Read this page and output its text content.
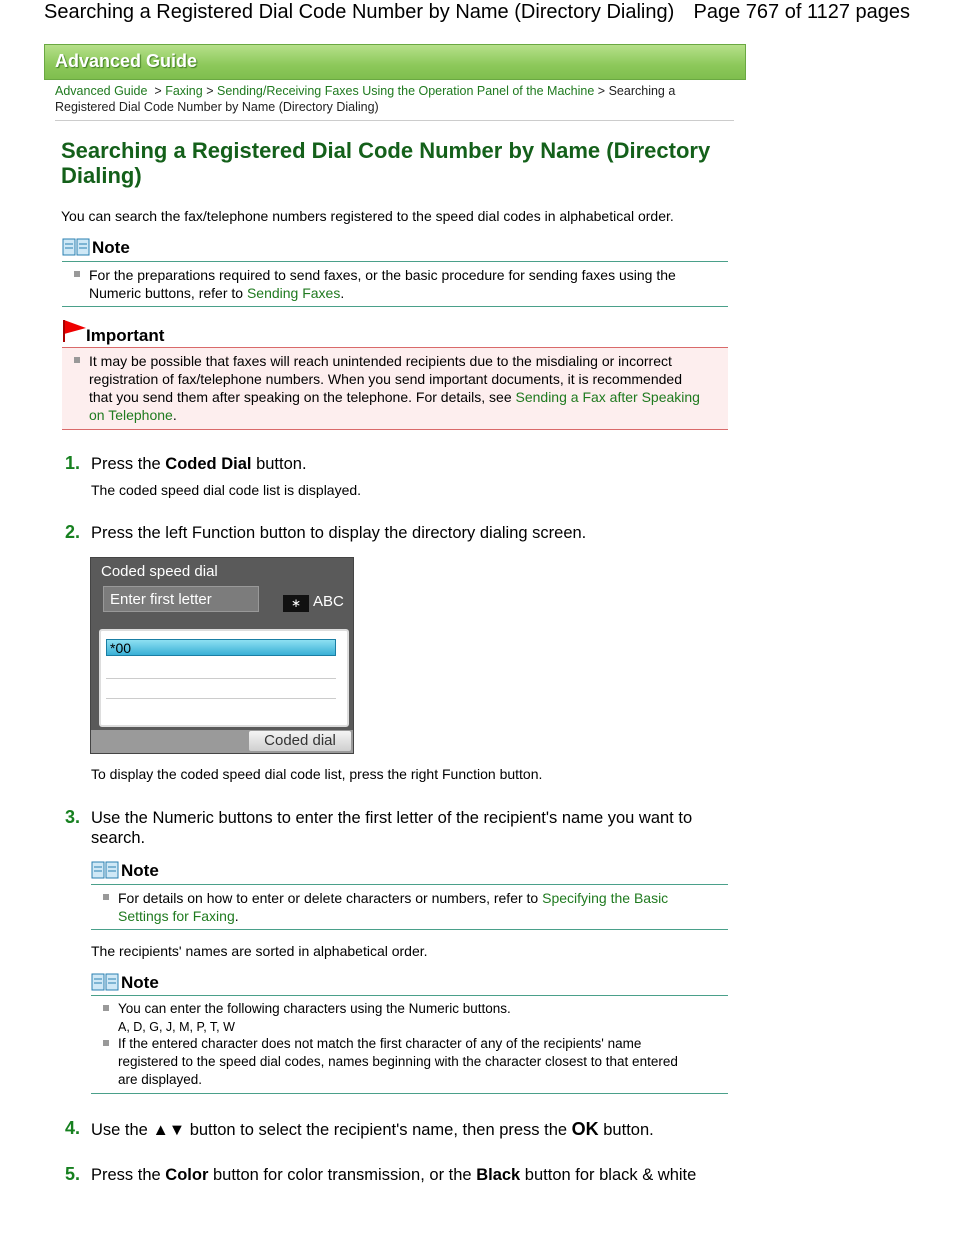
Searching a Registered Dial Code Number by Name (Directory Dialing) Page 767 of 1127 pages
Advanced Guide
Advanced Guide > Faxing > Sending/Receiving Faxes Using the Operation Panel of the Machine > Searching a
Registered Dial Code Number by Name (Directory Dialing)
Searching a Registered Dial Code Number by Name (Directory
Dialing)
You can search the fax/telephone numbers registered to the speed dial codes in alphabetical order.
Note
For the preparations required to send faxes, or the basic procedure for sending faxes using the
Numeric buttons, refer to Sending Faxes.
Important
It may be possible that faxes will reach unintended recipients due to the misdialing or incorrect
registration of fax/telephone numbers. When you send important documents, it is recommended
that you send them after speaking on the telephone. For details, see Sending a Fax after Speaking
on Telephone.
1. Press the Coded Dial button.
The coded speed dial code list is displayed.
2. Press the left Function button to display the directory dialing screen.
Coded speed dial
Enter first letter	∗ ABC
*00
Coded dial
To display the coded speed dial code list, press the right Function button.
3. Use the Numeric buttons to enter the first letter of the recipient's name you want to
search.
Note
For details on how to enter or delete characters or numbers, refer to Specifying the Basic
Settings for Faxing.
The recipients' names are sorted in alphabetical order.
Note
You can enter the following characters using the Numeric buttons.
A, D, G, J, M, P, T, W
If the entered character does not match the first character of any of the recipients' name
registered to the speed dial codes, names beginning with the character closest to that entered
are displayed.
4. Use the ▲▼ button to select the recipient's name, then press the OK button.
5. Press the Color button for color transmission, or the Black button for black & white
